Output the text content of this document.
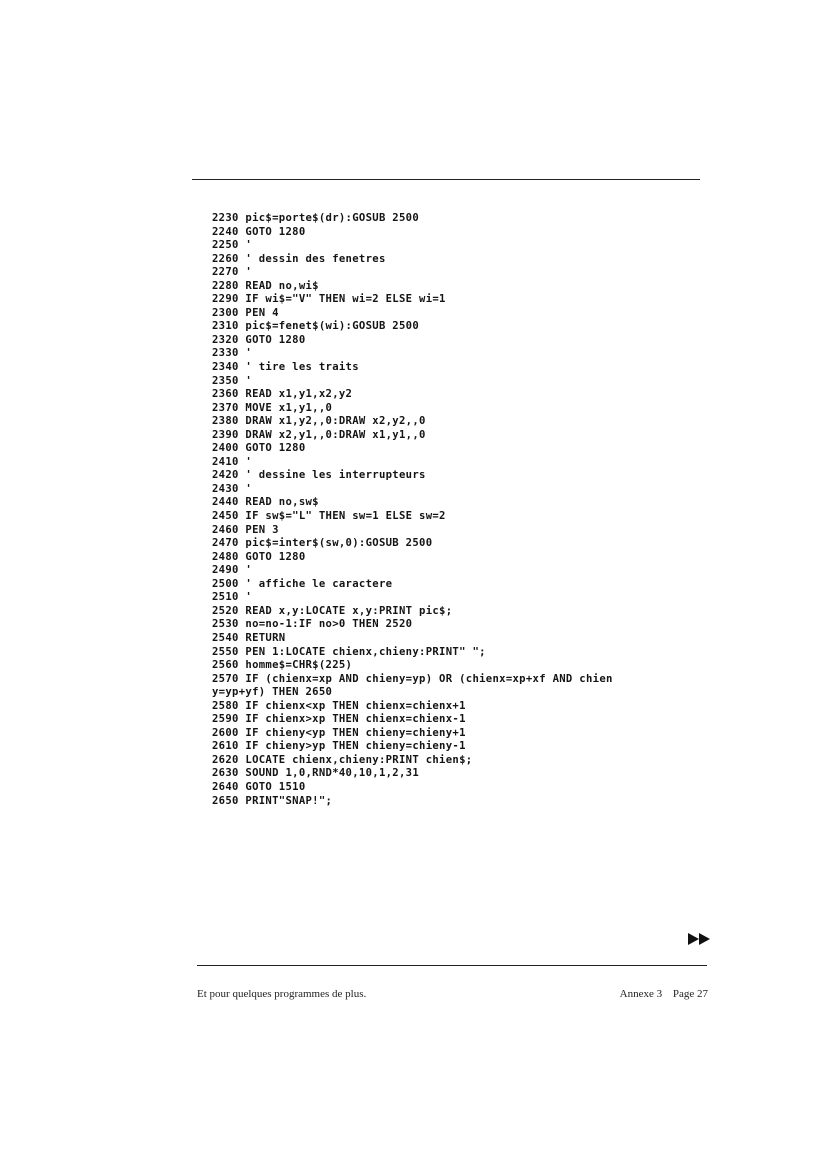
2230 pic$=porte$(dr):GOSUB 2500
2240 GOTO 1280
2250 '
2260 ' dessin des fenetres
2270 '
2280 READ no,wi$
2290 IF wi$="V" THEN wi=2 ELSE wi=1
2300 PEN 4
2310 pic$=fenet$(wi):GOSUB 2500
2320 GOTO 1280
2330 '
2340 ' tire les traits
2350 '
2360 READ x1,y1,x2,y2
2370 MOVE x1,y1,,0
2380 DRAW x1,y2,,0:DRAW x2,y2,,0
2390 DRAW x2,y1,,0:DRAW x1,y1,,0
2400 GOTO 1280
2410 '
2420 ' dessine les interrupteurs
2430 '
2440 READ no,sw$
2450 IF sw$="L" THEN sw=1 ELSE sw=2
2460 PEN 3
2470 pic$=inter$(sw,0):GOSUB 2500
2480 GOTO 1280
2490 '
2500 ' affiche le caractere
2510 '
2520 READ x,y:LOCATE x,y:PRINT pic$;
2530 no=no-1:IF no>0 THEN 2520
2540 RETURN
2550 PEN 1:LOCATE chienx,chieny:PRINT" ";
2560 homme$=CHR$(225)
2570 IF (chienx=xp AND chieny=yp) OR (chienx=xp+xf AND chien
y=yp+yf) THEN 2650
2580 IF chienx<xp THEN chienx=chienx+1
2590 IF chienx>xp THEN chienx=chienx-1
2600 IF chieny<yp THEN chieny=chieny+1
2610 IF chieny>yp THEN chieny=chieny-1
2620 LOCATE chienx,chieny:PRINT chien$;
2630 SOUND 1,0,RND*40,10,1,2,31
2640 GOTO 1510
2650 PRINT"SNAP!";
Et pour quelques programmes de plus.	Annexe 3 Page 27
